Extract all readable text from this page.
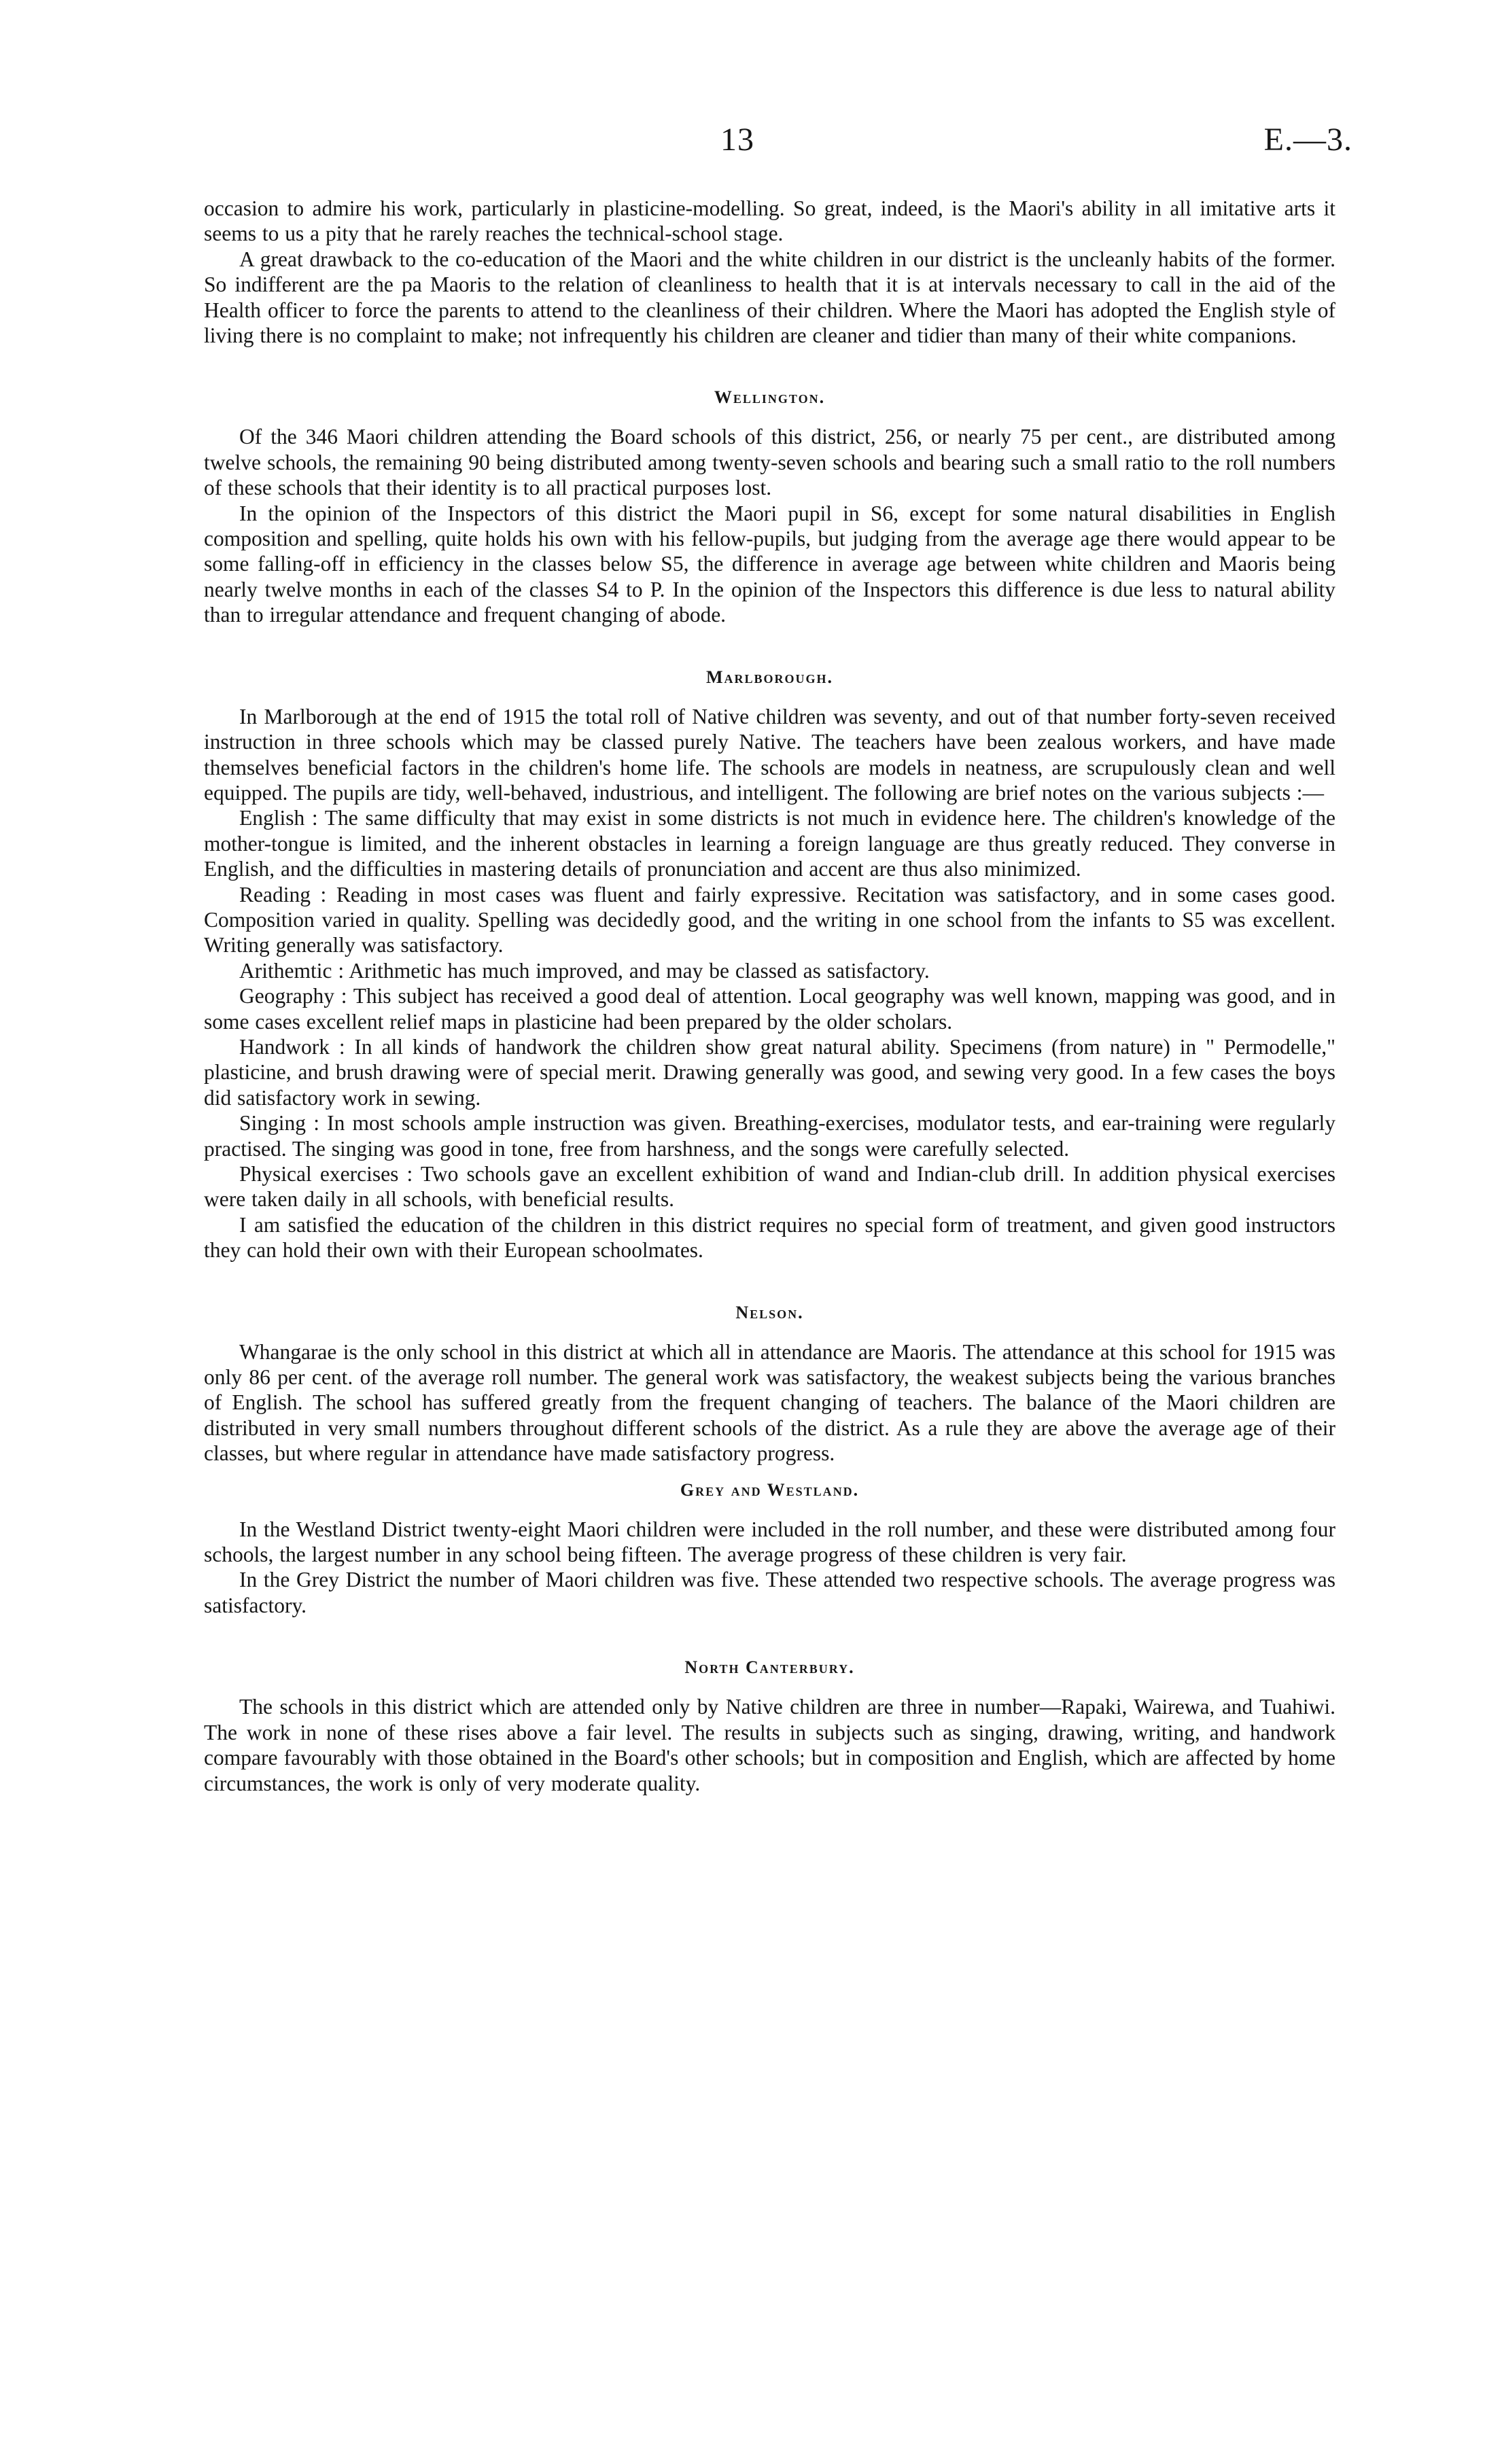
13	E.—3.

occasion to admire his work, particularly in plasticine-modelling. So great, indeed, is the Maori's ability in all imitative arts it seems to us a pity that he rarely reaches the technical-school stage.

A great drawback to the co-education of the Maori and the white children in our district is the uncleanly habits of the former. So indifferent are the pa Maoris to the relation of cleanliness to health that it is at intervals necessary to call in the aid of the Health officer to force the parents to attend to the cleanliness of their children. Where the Maori has adopted the English style of living there is no complaint to make; not infrequently his children are cleaner and tidier than many of their white companions.

Wellington.

Of the 346 Maori children attending the Board schools of this district, 256, or nearly 75 per cent., are distributed among twelve schools, the remaining 90 being distributed among twenty-seven schools and bearing such a small ratio to the roll numbers of these schools that their identity is to all practical purposes lost.

In the opinion of the Inspectors of this district the Maori pupil in S6, except for some natural disabilities in English composition and spelling, quite holds his own with his fellow-pupils, but judging from the average age there would appear to be some falling-off in efficiency in the classes below S5, the difference in average age between white children and Maoris being nearly twelve months in each of the classes S4 to P. In the opinion of the Inspectors this difference is due less to natural ability than to irregular attendance and frequent changing of abode.

Marlborough.

In Marlborough at the end of 1915 the total roll of Native children was seventy, and out of that number forty-seven received instruction in three schools which may be classed purely Native. The teachers have been zealous workers, and have made themselves beneficial factors in the children's home life. The schools are models in neatness, are scrupulously clean and well equipped. The pupils are tidy, well-behaved, industrious, and intelligent. The following are brief notes on the various subjects :—

English : The same difficulty that may exist in some districts is not much in evidence here. The children's knowledge of the mother-tongue is limited, and the inherent obstacles in learning a foreign language are thus greatly reduced. They converse in English, and the difficulties in mastering details of pronunciation and accent are thus also minimized.

Reading : Reading in most cases was fluent and fairly expressive. Recitation was satisfactory, and in some cases good. Composition varied in quality. Spelling was decidedly good, and the writing in one school from the infants to S5 was excellent. Writing generally was satisfactory.

Arithemtic : Arithmetic has much improved, and may be classed as satisfactory.

Geography : This subject has received a good deal of attention. Local geography was well known, mapping was good, and in some cases excellent relief maps in plasticine had been prepared by the older scholars.

Handwork : In all kinds of handwork the children show great natural ability. Specimens (from nature) in " Permodelle," plasticine, and brush drawing were of special merit. Drawing generally was good, and sewing very good. In a few cases the boys did satisfactory work in sewing.

Singing : In most schools ample instruction was given. Breathing-exercises, modulator tests, and ear-training were regularly practised. The singing was good in tone, free from harshness, and the songs were carefully selected.

Physical exercises : Two schools gave an excellent exhibition of wand and Indian-club drill. In addition physical exercises were taken daily in all schools, with beneficial results.

I am satisfied the education of the children in this district requires no special form of treatment, and given good instructors they can hold their own with their European schoolmates.

Nelson.

Whangarae is the only school in this district at which all in attendance are Maoris. The attendance at this school for 1915 was only 86 per cent. of the average roll number. The general work was satisfactory, the weakest subjects being the various branches of English. The school has suffered greatly from the frequent changing of teachers. The balance of the Maori children are distributed in very small numbers throughout different schools of the district. As a rule they are above the average age of their classes, but where regular in attendance have made satisfactory progress.

Grey and Westland.

In the Westland District twenty-eight Maori children were included in the roll number, and these were distributed among four schools, the largest number in any school being fifteen. The average progress of these children is very fair.

In the Grey District the number of Maori children was five. These attended two respective schools. The average progress was satisfactory.

North Canterbury.

The schools in this district which are attended only by Native children are three in number—Rapaki, Wairewa, and Tuahiwi. The work in none of these rises above a fair level. The results in subjects such as singing, drawing, writing, and handwork compare favourably with those obtained in the Board's other schools; but in composition and English, which are affected by home circumstances, the work is only of very moderate quality.
